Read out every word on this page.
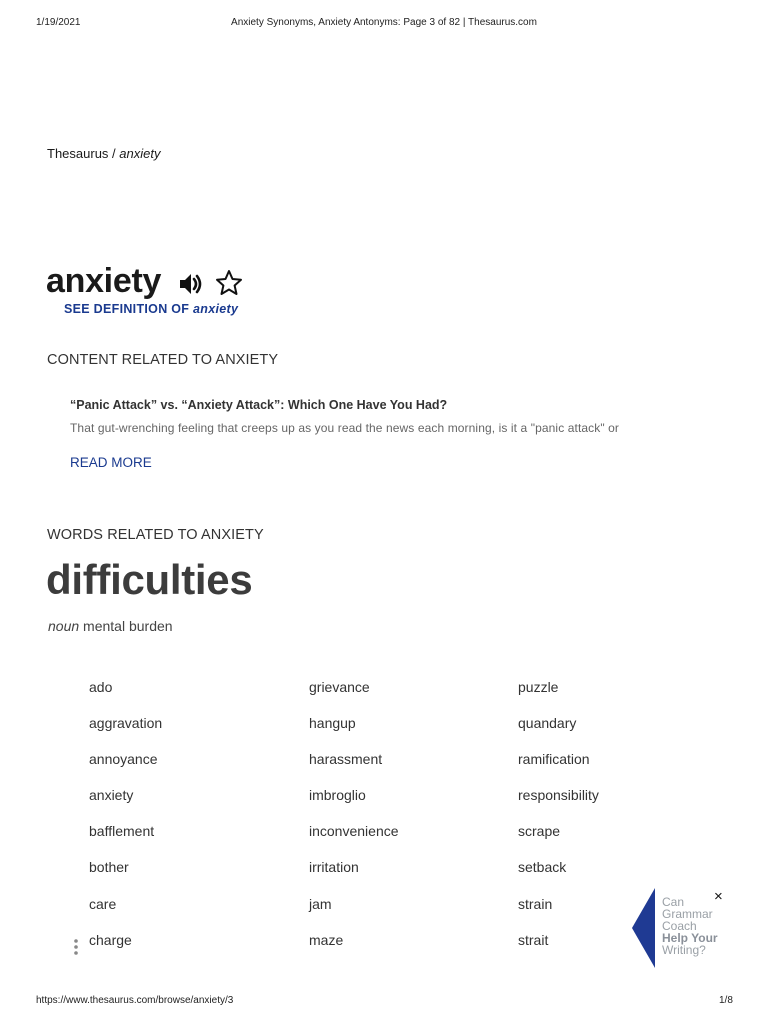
1/19/2021	Anxiety Synonyms, Anxiety Antonyms: Page 3 of 82 | Thesaurus.com
Thesaurus / anxiety
anxiety
SEE DEFINITION OF anxiety
CONTENT RELATED TO ANXIETY
“Panic Attack” vs. “Anxiety Attack”: Which One Have You Had?
That gut-wrenching feeling that creeps up as you read the news each morning, is it a "panic attack" or
READ MORE
WORDS RELATED TO ANXIETY
difficulties
noun mental burden
ado
aggravation
annoyance
anxiety
bafflement
bother
care
charge
grievance
hangup
harassment
imbroglio
inconvenience
irritation
jam
maze
puzzle
quandary
ramification
responsibility
scrape
setback
strain
strait
Can
Grammar
Coach
Help Your
Writing?
×
https://www.thesaurus.com/browse/anxiety/3	1/8
